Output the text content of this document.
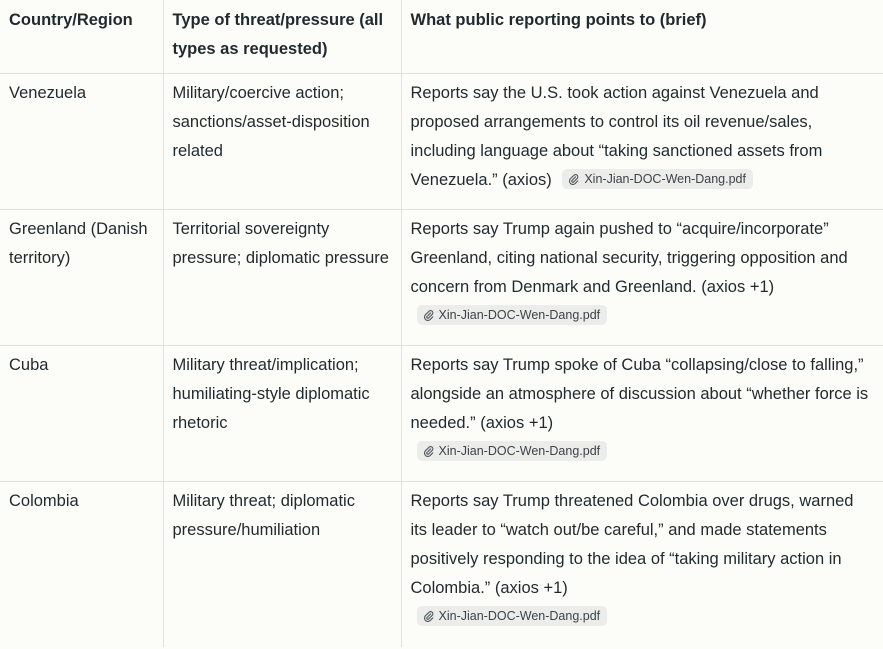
Country/Region	Type of threat/pressure (all types as requested)	What public reporting points to (brief)
Venezuela	Military/coercive action; sanctions/asset-disposition related	Reports say the U.S. took action against Venezuela and proposed arrangements to control its oil revenue/sales, including language about “taking sanctioned assets from Venezuela.” (axios) Xin-Jian-DOC-Wen-Dang.pdf
Greenland (Danish territory)	Territorial sovereignty pressure; diplomatic pressure	Reports say Trump again pushed to “acquire/incorporate” Greenland, citing national security, triggering opposition and concern from Denmark and Greenland. (axios +1)
Xin-Jian-DOC-Wen-Dang.pdf

Cuba	Military threat/implication; humiliating-style diplomatic rhetoric	Reports say Trump spoke of Cuba “collapsing/close to falling,” alongside an atmosphere of discussion about “whether force is needed.” (axios +1)
Xin-Jian-DOC-Wen-Dang.pdf

Colombia	Military threat; diplomatic pressure/humiliation	Reports say Trump threatened Colombia over drugs, warned its leader to “watch out/be careful,” and made statements positively responding to the idea of “taking military action in Colombia.” (axios +1)
Xin-Jian-DOC-Wen-Dang.pdf
